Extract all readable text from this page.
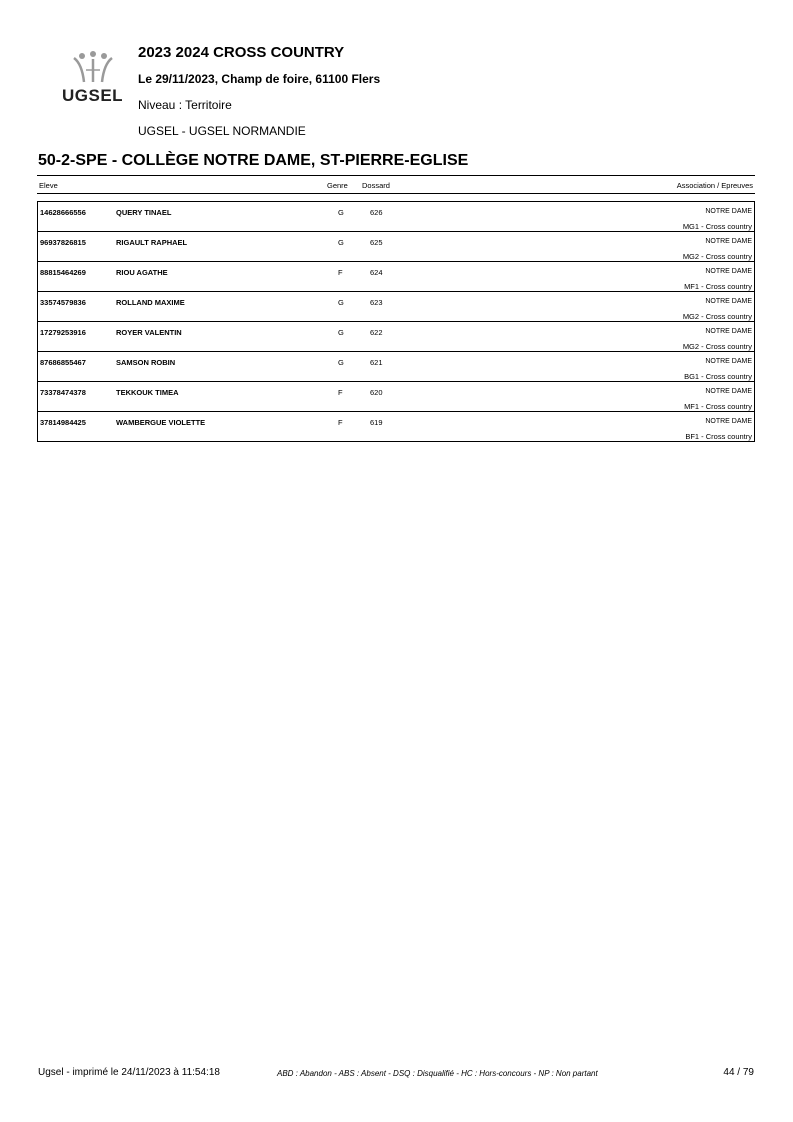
UGSEL
2023 2024 CROSS COUNTRY
Le 29/11/2023, Champ de foire, 61100 Flers
Niveau : Territoire
UGSEL - UGSEL NORMANDIE
50-2-SPE - COLLÈGE NOTRE DAME, ST-PIERRE-EGLISE
Eleve	Genre Dossard	Association / Epreuves
14628666556	QUERY TINAEL	G	626	NOTRE DAME
MG1 - Cross country
96937826815	RIGAULT RAPHAEL	G	625	NOTRE DAME
MG2 - Cross country
88815464269	RIOU AGATHE	F	624	NOTRE DAME
MF1 - Cross country
33574579836	ROLLAND MAXIME	G	623	NOTRE DAME
MG2 - Cross country
17279253916	ROYER VALENTIN	G	622	NOTRE DAME
MG2 - Cross country
87686855467	SAMSON ROBIN	G	621	NOTRE DAME
BG1 - Cross country
73378474378	TEKKOUK TIMEA	F	620	NOTRE DAME
MF1 - Cross country
37814984425	WAMBERGUE VIOLETTE	F	619	NOTRE DAME
BF1 - Cross country
Ugsel - imprimé le 24/11/2023 à 11:54:18	ABD : Abandon - ABS : Absent - DSQ : Disqualifié - HC : Hors-concours - NP : Non partant	44 / 79
